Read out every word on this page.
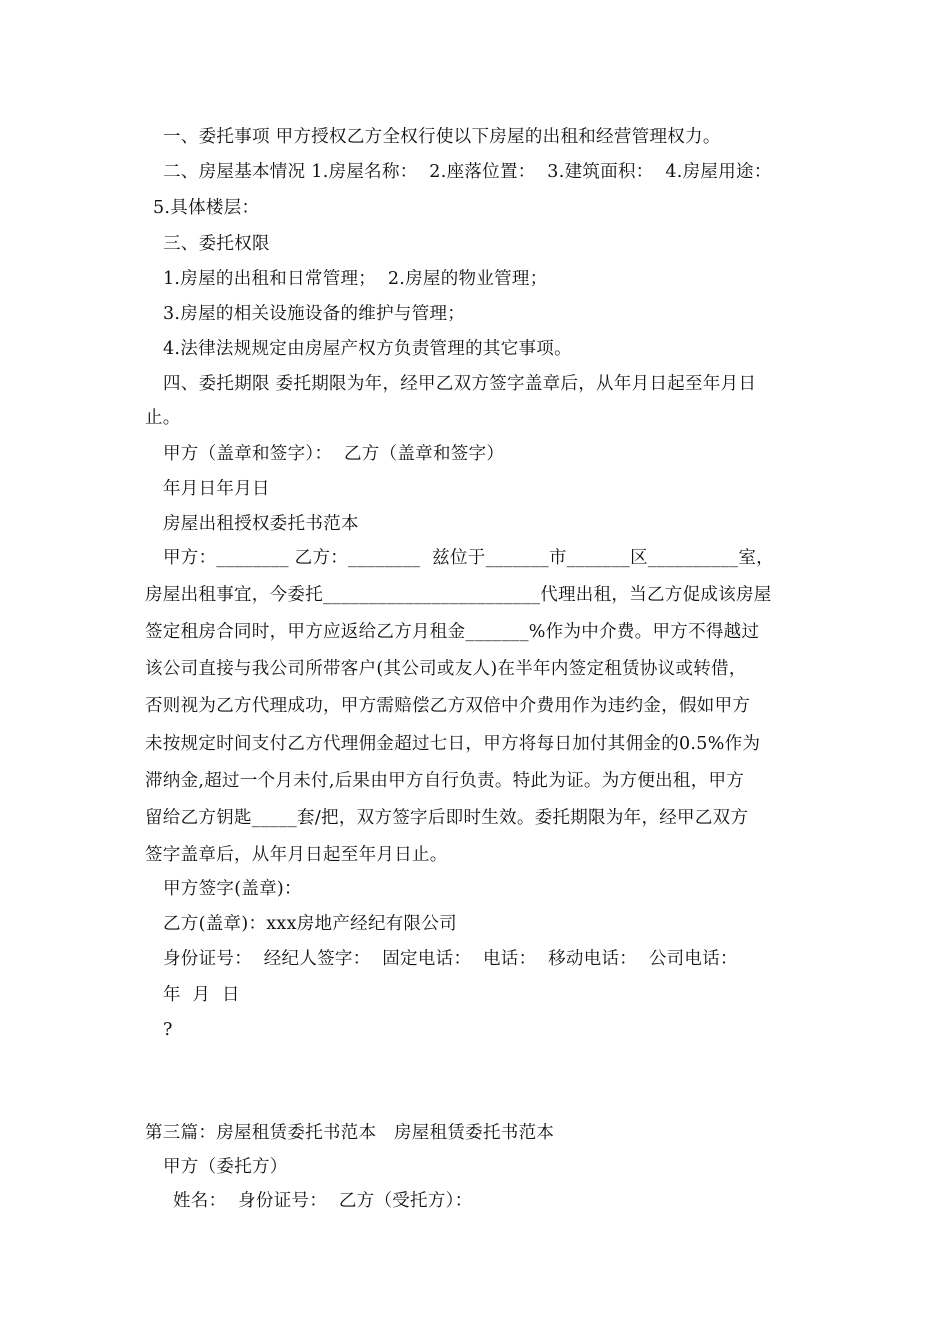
一、委托事项 甲方授权乙方全权行使以下房屋的出租和经营管理权力。
二、房屋基本情况 1.房屋名称：  2.座落位置：  3.建筑面积：  4.房屋用途：
5.具体楼层：
三、委托权限
1.房屋的出租和日常管理；  2.房屋的物业管理；
3.房屋的相关设施设备的维护与管理；
4.法律法规规定由房屋产权方负责管理的其它事项。
四、委托期限 委托期限为年，经甲乙双方签字盖章后，从年月日起至年月日
止。
甲方（盖章和签字）：  乙方（盖章和签字）
年月日年月日
房屋出租授权委托书范本
甲方：________ 乙方：________  兹位于_______市_______区__________室，
房屋出租事宜，今委托________________________代理出租，当乙方促成该房屋
签定租房合同时，甲方应返给乙方月租金_______%作为中介费。甲方不得越过
该公司直接与我公司所带客户(其公司或友人)在半年内签定租赁协议或转借，
否则视为乙方代理成功，甲方需赔偿乙方双倍中介费用作为违约金，假如甲方
未按规定时间支付乙方代理佣金超过七日，甲方将每日加付其佣金的0.5%作为
滞纳金,超过一个月未付,后果由甲方自行负责。特此为证。为方便出租，甲方
留给乙方钥匙_____套/把，双方签字后即时生效。委托期限为年，经甲乙双方
签字盖章后，从年月日起至年月日止。
甲方签字(盖章)：
乙方(盖章)：xxx房地产经纪有限公司
身份证号：  经纪人签字：  固定电话：  电话：  移动电话：  公司电话：
年  月  日
?
第三篇：房屋租赁委托书范本   房屋租赁委托书范本
甲方（委托方）
姓名：  身份证号：  乙方（受托方）：
